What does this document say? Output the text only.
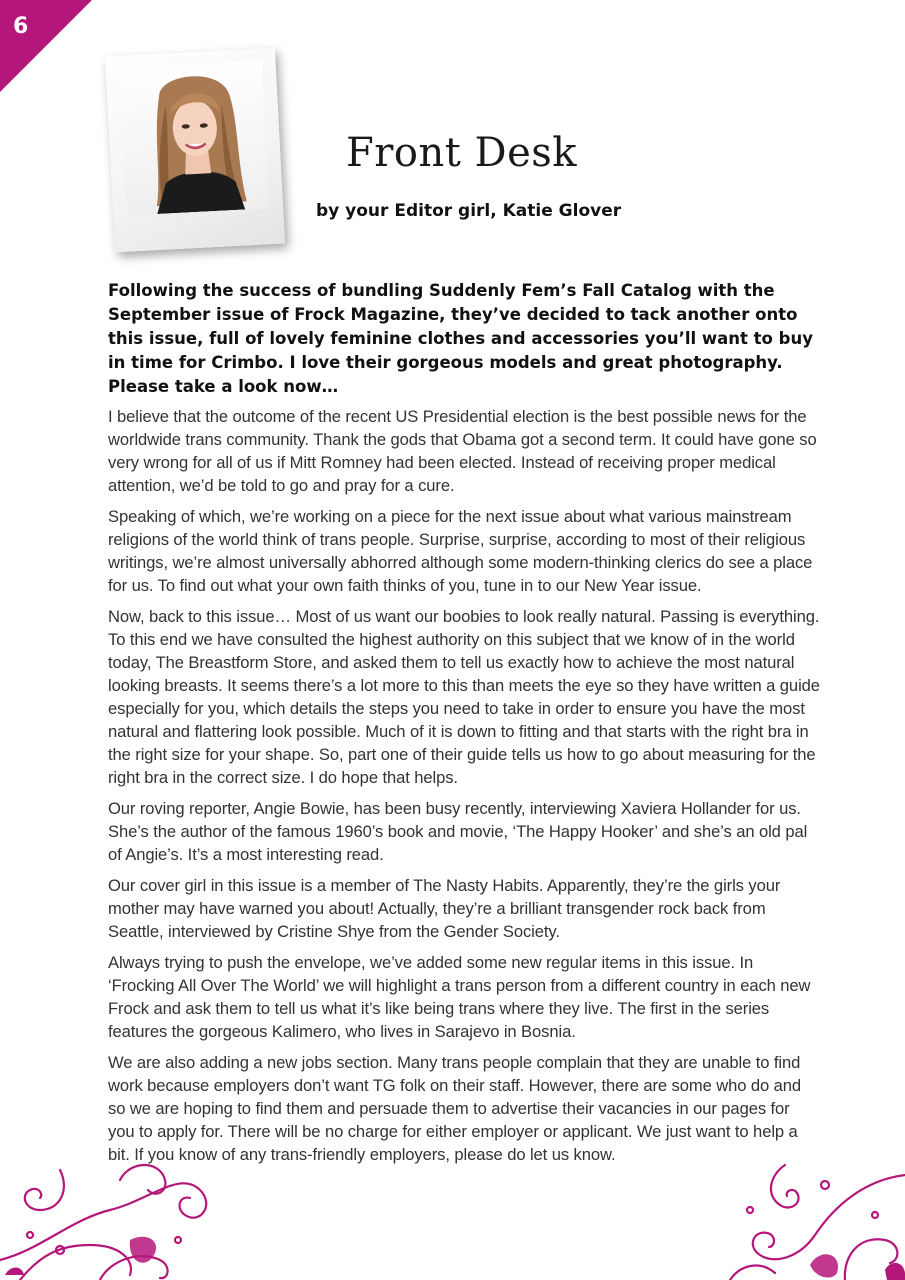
6
Front Desk
by your Editor girl, Katie Glover

Following the success of bundling Suddenly Fem’s Fall Catalog with the September issue of Frock Magazine, they’ve decided to tack another onto this issue, full of lovely feminine clothes and accessories you’ll want to buy in time for Crimbo. I love their gorgeous models and great photography. Please take a look now…

I believe that the outcome of the recent US Presidential election is the best possible news for the worldwide trans community. Thank the gods that Obama got a second term. It could have gone so very wrong for all of us if Mitt Romney had been elected. Instead of receiving proper medical attention, we’d be told to go and pray for a cure.

Speaking of which, we’re working on a piece for the next issue about what various mainstream religions of the world think of trans people. Surprise, surprise, according to most of their religious writings, we’re almost universally abhorred although some modern-thinking clerics do see a place for us. To find out what your own faith thinks of you, tune in to our New Year issue.

Now, back to this issue… Most of us want our boobies to look really natural. Passing is everything. To this end we have consulted the highest authority on this subject that we know of in the world today, The Breastform Store, and asked them to tell us exactly how to achieve the most natural looking breasts. It seems there’s a lot more to this than meets the eye so they have written a guide especially for you, which details the steps you need to take in order to ensure you have the most natural and flattering look possible. Much of it is down to fitting and that starts with the right bra in the right size for your shape. So, part one of their guide tells us how to go about measuring for the right bra in the correct size. I do hope that helps.

Our roving reporter, Angie Bowie, has been busy recently, interviewing Xaviera Hollander for us. She’s the author of the famous 1960’s book and movie, ‘The Happy Hooker’ and she’s an old pal of Angie’s. It’s a most interesting read.

Our cover girl in this issue is a member of The Nasty Habits. Apparently, they’re the girls your mother may have warned you about! Actually, they’re a brilliant transgender rock back from Seattle, interviewed by Cristine Shye from the Gender Society.

Always trying to push the envelope, we’ve added some new regular items in this issue. In ‘Frocking All Over The World’ we will highlight a trans person from a different country in each new Frock and ask them to tell us what it’s like being trans where they live. The first in the series features the gorgeous Kalimero, who lives in Sarajevo in Bosnia.

We are also adding a new jobs section. Many trans people complain that they are unable to find work because employers don’t want TG folk on their staff. However, there are some who do and so we are hoping to find them and persuade them to advertise their vacancies in our pages for you to apply for. There will be no charge for either employer or applicant. We just want to help a bit. If you know of any trans-friendly employers, please do let us know.
